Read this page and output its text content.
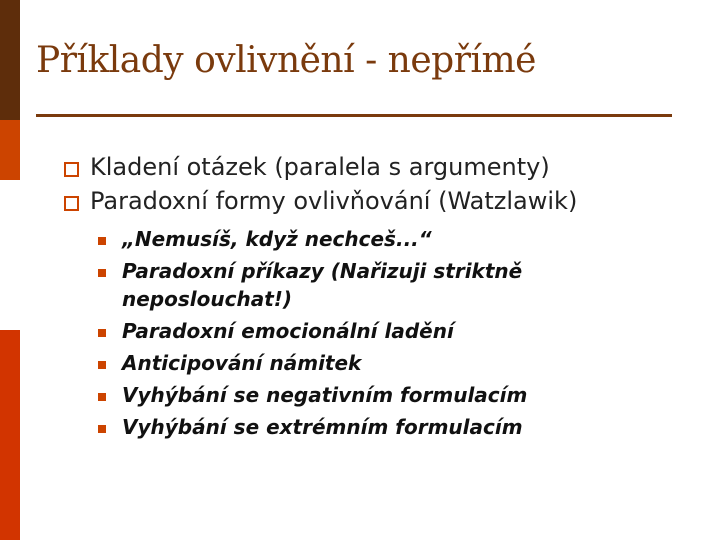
Příklady ovlivnění - nepřímé
Kladení otázek (paralela s argumenty)
Paradoxní formy ovlivňování (Watzlawik)
„Nemusíš, když nechceš...“
Paradoxní příkazy (Nařizuji striktně neposlouchat!)
Paradoxní emocionální ladění
Anticipování námitek
Vyhýbání se negativním formulacím
Vyhýbání se extrémním formulacím
